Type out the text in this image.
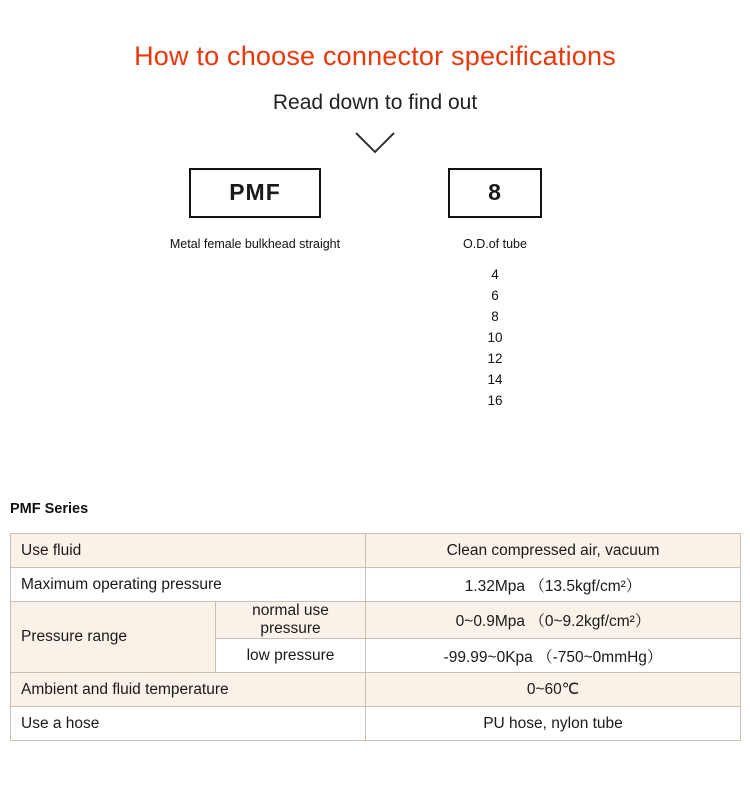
How to choose connector specifications
Read down to find out
PMF
Metal female bulkhead straight
8
O.D.of tube
4
6
8
10
12
14
16
PMF Series
Use fluid		Clean compressed air, vacuum
Maximum operating pressure		1.32Mpa （13.5kgf/cm²）
Pressure range	normal use pressure	0~0.9Mpa （0~9.2kgf/cm²）
	low pressure	-99.99~0Kpa （-750~0mmHg）
Ambient and fluid temperature		0~60℃
Use a hose		PU hose, nylon tube
